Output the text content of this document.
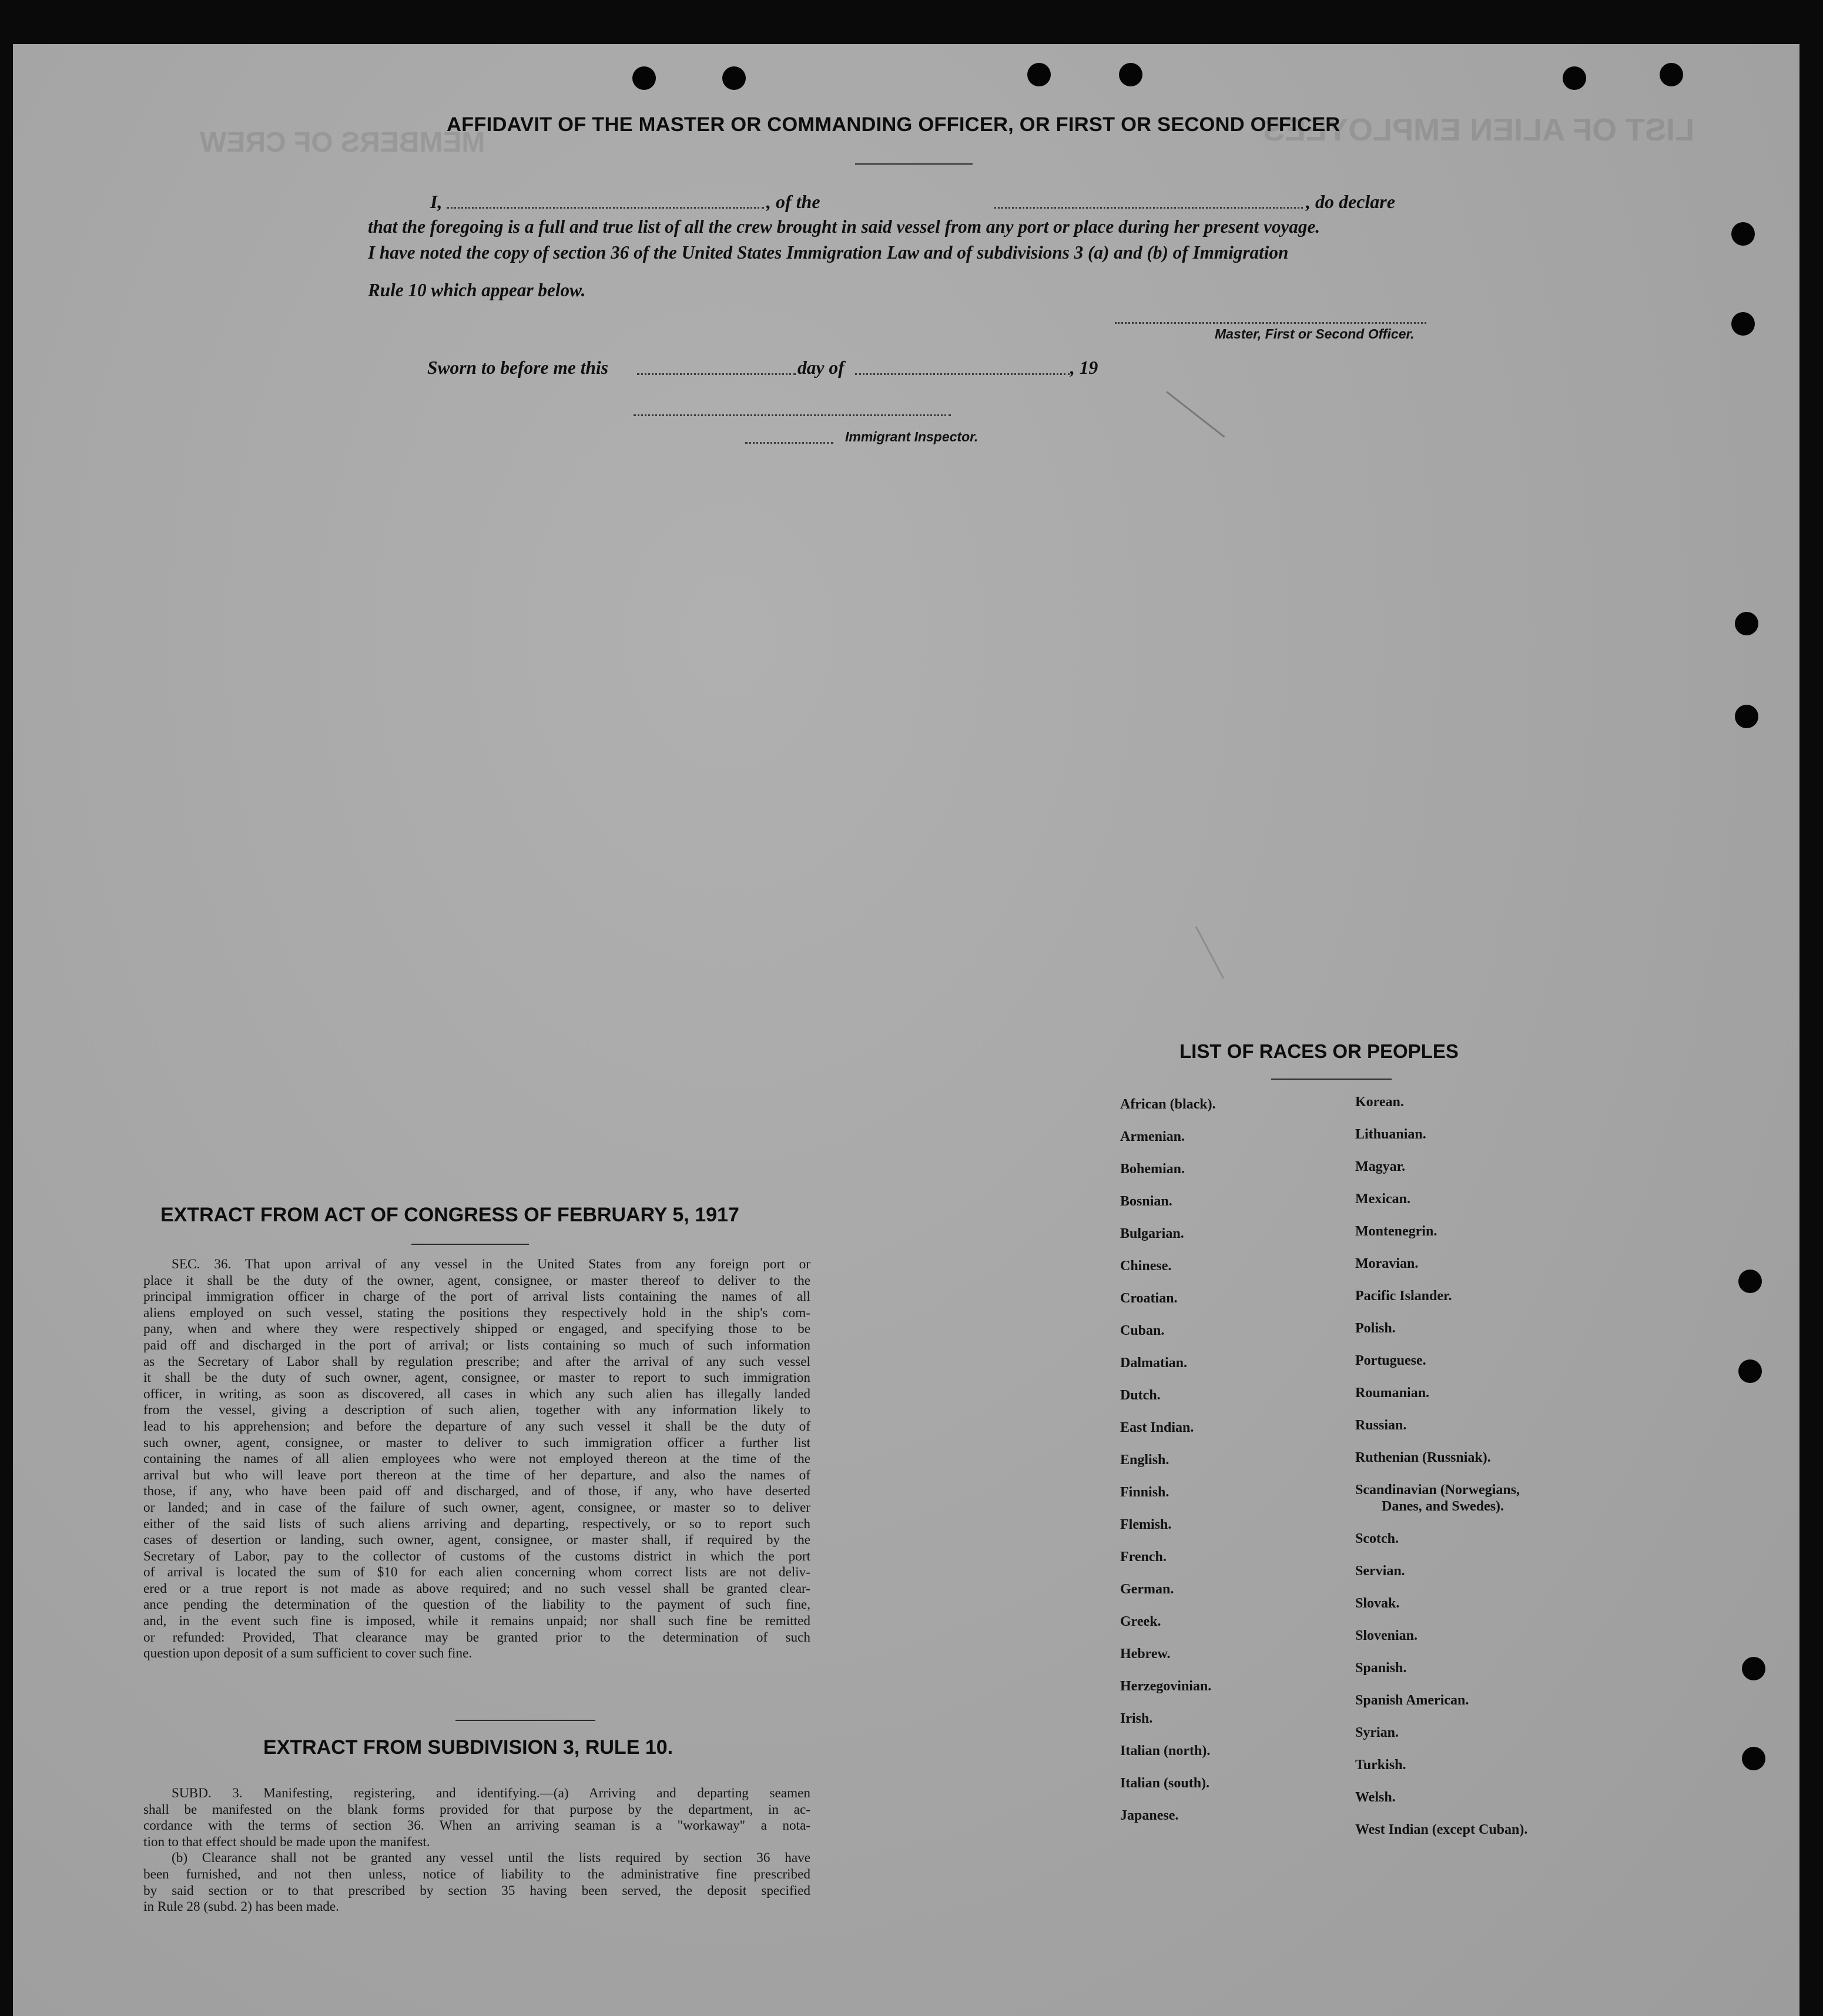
LIST OF ALIEN EMPLOYEES
MEMBERS OF CREW
AFFIDAVIT OF THE MASTER OR COMMANDING OFFICER, OR FIRST OR SECOND OFFICER
I,	, of the	, do declare
that the foregoing is a full and true list of all the crew brought in said vessel from any port or place during her present voyage.
I have noted the copy of section 36 of the United States Immigration Law and of subdivisions 3 (a) and (b) of Immigration
Rule 10 which appear below.
Master, First or Second Officer.
Sworn to before me this	day of	, 19
Immigrant Inspector.
EXTRACT FROM ACT OF CONGRESS OF FEBRUARY 5, 1917

SEC. 36. That upon arrival of any vessel in the United States from any foreign port or

place it shall be the duty of the owner, agent, consignee, or master thereof to deliver to the

principal immigration officer in charge of the port of arrival lists containing the names of all

aliens employed on such vessel, stating the positions they respectively hold in the ship's com-

pany, when and where they were respectively shipped or engaged, and specifying those to be

paid off and discharged in the port of arrival; or lists containing so much of such information

as the Secretary of Labor shall by regulation prescribe; and after the arrival of any such vessel

it shall be the duty of such owner, agent, consignee, or master to report to such immigration

officer, in writing, as soon as discovered, all cases in which any such alien has illegally landed

from the vessel, giving a description of such alien, together with any information likely to

lead to his apprehension; and before the departure of any such vessel it shall be the duty of

such owner, agent, consignee, or master to deliver to such immigration officer a further list

containing the names of all alien employees who were not employed thereon at the time of the

arrival but who will leave port thereon at the time of her departure, and also the names of

those, if any, who have been paid off and discharged, and of those, if any, who have deserted

or landed; and in case of the failure of such owner, agent, consignee, or master so to deliver

either of the said lists of such aliens arriving and departing, respectively, or so to report such

cases of desertion or landing, such owner, agent, consignee, or master shall, if required by the

Secretary of Labor, pay to the collector of customs of the customs district in which the port

of arrival is located the sum of $10 for each alien concerning whom correct lists are not deliv-

ered or a true report is not made as above required; and no such vessel shall be granted clear-

ance pending the determination of the question of the liability to the payment of such fine,

and, in the event such fine is imposed, while it remains unpaid; nor shall such fine be remitted

or refunded: Provided, That clearance may be granted prior to the determination of such

question upon deposit of a sum sufficient to cover such fine.

EXTRACT FROM SUBDIVISION 3, RULE 10.

SUBD. 3. Manifesting, registering, and identifying.—(a) Arriving and departing seamen

shall be manifested on the blank forms provided for that purpose by the department, in ac-

cordance with the terms of section 36. When an arriving seaman is a "workaway" a nota-

tion to that effect should be made upon the manifest.

(b) Clearance shall not be granted any vessel until the lists required by section 36 have

been furnished, and not then unless, notice of liability to the administrative fine prescribed

by said section or to that prescribed by section 35 having been served, the deposit specified

in Rule 28 (subd. 2) has been made.

LIST OF RACES OR PEOPLES
African (black).
Armenian.
Bohemian.
Bosnian.
Bulgarian.
Chinese.
Croatian.
Cuban.
Dalmatian.
Dutch.
East Indian.
English.
Finnish.
Flemish.
French.
German.
Greek.
Hebrew.
Herzegovinian.
Irish.
Italian (north).
Italian (south).
Japanese.
Korean.
Lithuanian.
Magyar.
Mexican.
Montenegrin.
Moravian.
Pacific Islander.
Polish.
Portuguese.
Roumanian.
Russian.
Ruthenian (Russniak).
Scandinavian (Norwegians,
Danes, and Swedes).
Scotch.
Servian.
Slovak.
Slovenian.
Spanish.
Spanish American.
Syrian.
Turkish.
Welsh.
West Indian (except Cuban).
